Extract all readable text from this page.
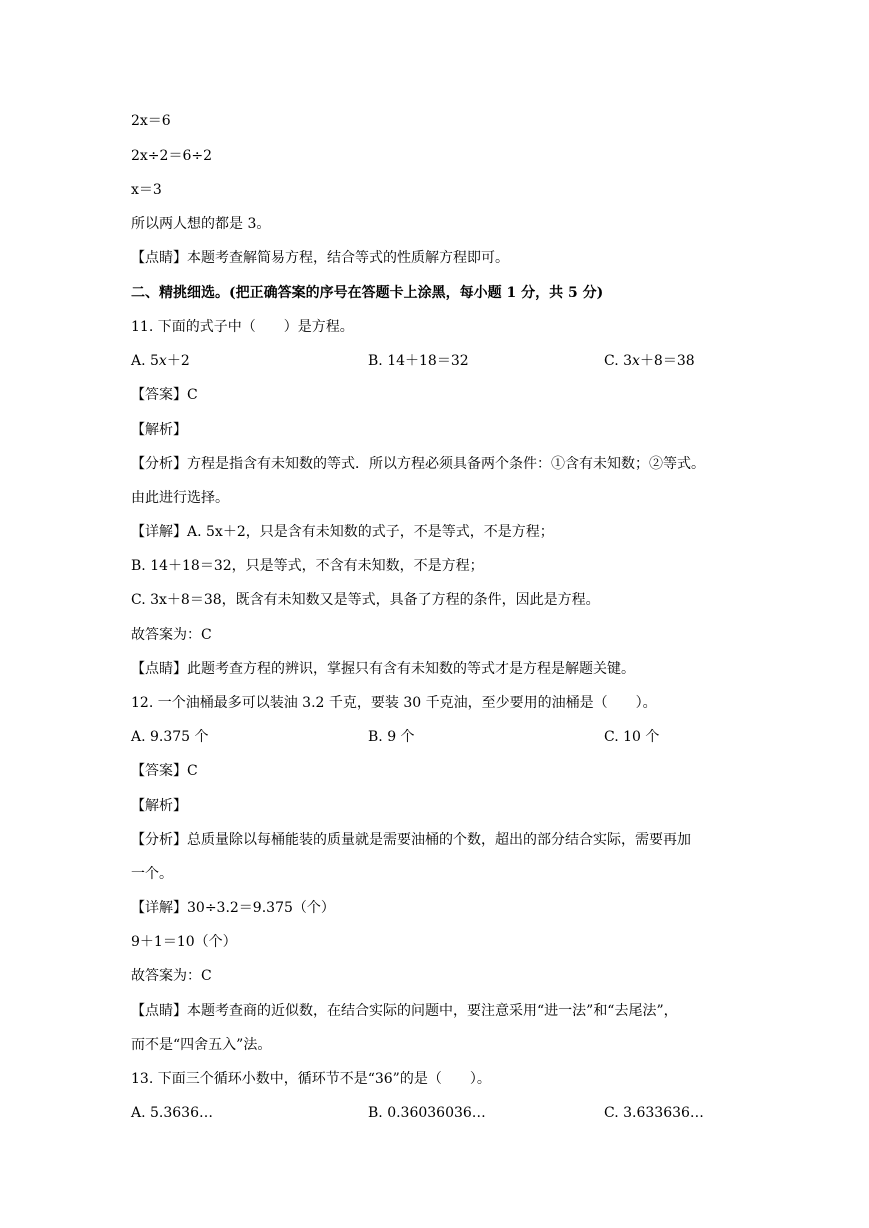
2x＝6
2x÷2＝6÷2
x＝3
所以两人想的都是 3。
【点睛】本题考查解简易方程，结合等式的性质解方程即可。
二、精挑细选。(把正确答案的序号在答题卡上涂黑，每小题 1 分，共 5 分)
11. 下面的式子中（　　）是方程。
A. 5x＋2	B. 14＋18＝32	C. 3x＋8＝38
【答案】C
【解析】
【分析】方程是指含有未知数的等式．所以方程必须具备两个条件：①含有未知数；②等式。
由此进行选择。
【详解】A. 5x＋2，只是含有未知数的式子，不是等式，不是方程；
B. 14＋18＝32，只是等式，不含有未知数，不是方程；
C. 3x＋8＝38，既含有未知数又是等式，具备了方程的条件，因此是方程。
故答案为：C
【点睛】此题考查方程的辨识，掌握只有含有未知数的等式才是方程是解题关键。
12. 一个油桶最多可以装油 3.2 千克，要装 30 千克油，至少要用的油桶是（　　）。
A. 9.375 个	B. 9 个	C. 10 个
【答案】C
【解析】
【分析】总质量除以每桶能装的质量就是需要油桶的个数，超出的部分结合实际，需要再加
一个。
【详解】30÷3.2＝9.375（个）
9＋1＝10（个）
故答案为：C
【点睛】本题考查商的近似数，在结合实际的问题中，要注意采用“进一法”和“去尾法”，
而不是“四舍五入”法。
13. 下面三个循环小数中，循环节不是“36”的是（　　）。
A. 5.3636…	B. 0.36036036…	C. 3.633636…
